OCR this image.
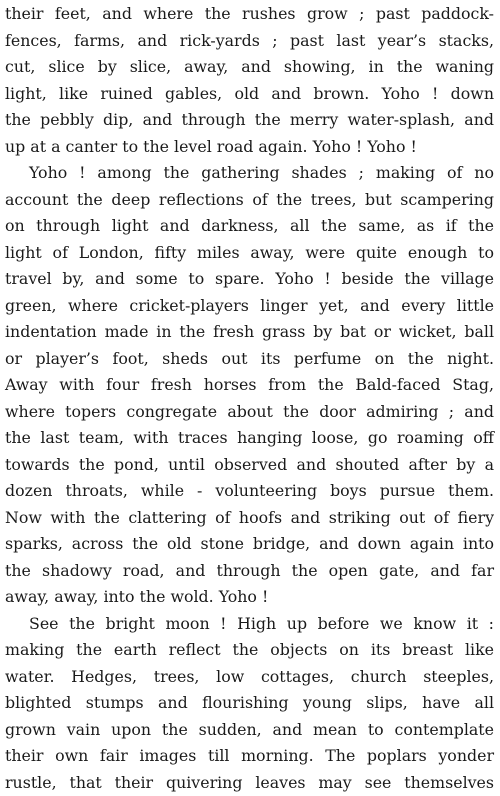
their feet, and where the rushes grow ; past paddock-
fences, farms, and rick-yards ; past last year’s stacks,
cut, slice by slice, away, and showing, in the waning
light, like ruined gables, old and brown. Yoho ! down
the pebbly dip, and through the merry water-splash, and
up at a canter to the level road again. Yoho ! Yoho !
Yoho ! among the gathering shades ; making of no
account the deep reflections of the trees, but scampering
on through light and darkness, all the same, as if the
light of London, fifty miles away, were quite enough to
travel by, and some to spare. Yoho ! beside the village
green, where cricket-players linger yet, and every little
indentation made in the fresh grass by bat or wicket, ball
or player’s foot, sheds out its perfume on the night.
Away with four fresh horses from the Bald-faced Stag,
where topers congregate about the door admiring ; and
the last team, with traces hanging loose, go roaming off
towards the pond, until observed and shouted after by a
dozen throats, while - volunteering boys pursue them.
Now with the clattering of hoofs and striking out of fiery
sparks, across the old stone bridge, and down again into
the shadowy road, and through the open gate, and far
away, away, into the wold. Yoho !
See the bright moon ! High up before we know it :
making the earth reflect the objects on its breast like
water. Hedges, trees, low cottages, church steeples,
blighted stumps and flourishing young slips, have all
grown vain upon the sudden, and mean to contemplate
their own fair images till morning. The poplars yonder
rustle, that their quivering leaves may see themselves
